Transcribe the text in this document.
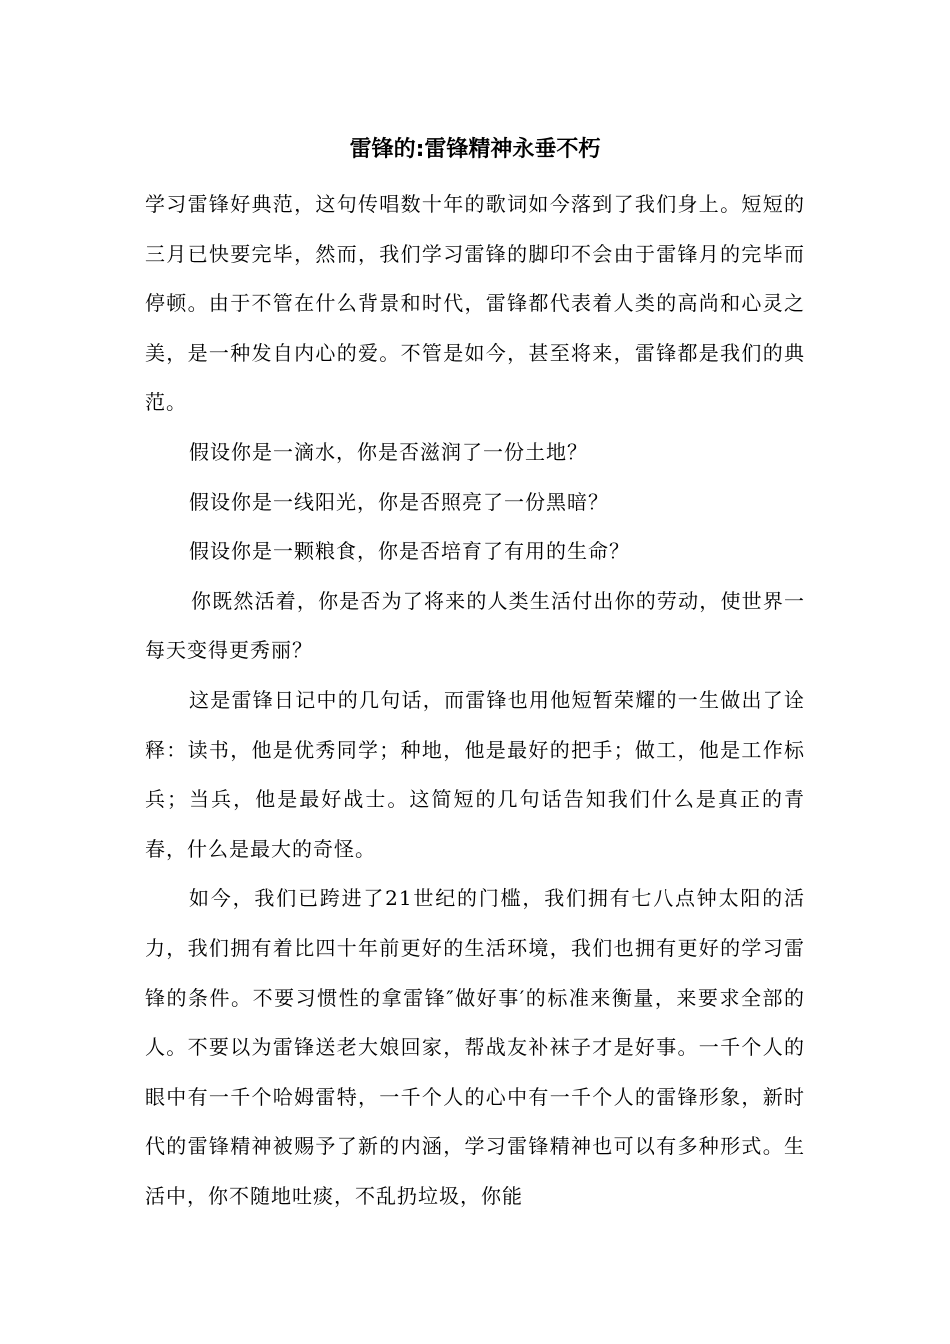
雷锋的:雷锋精神永垂不朽

学习雷锋好典范，这句传唱数十年的歌词如今落到了我们身上。短短的三月已快要完毕，然而，我们学习雷锋的脚印不会由于雷锋月的完毕而停顿。由于不管在什么背景和时代，雷锋都代表着人类的高尚和心灵之美，是一种发自内心的爱。不管是如今，甚至将来，雷锋都是我们的典范。

假设你是一滴水，你是否滋润了一份土地？

假设你是一线阳光，你是否照亮了一份黑暗？

假设你是一颗粮食，你是否培育了有用的生命？

你既然活着，你是否为了将来的人类生活付出你的劳动，使世界一每天变得更秀丽？

这是雷锋日记中的几句话，而雷锋也用他短暂荣耀的一生做出了诠释：读书，他是优秀同学；种地，他是最好的把手；做工，他是工作标兵；当兵，他是最好战士。这简短的几句话告知我们什么是真正的青春，什么是最大的奇怪。

如今，我们已跨进了21世纪的门槛，我们拥有七八点钟太阳的活力，我们拥有着比四十年前更好的生活环境，我们也拥有更好的学习雷锋的条件。不要习惯性的拿雷锋″做好事′的标准来衡量，来要求全部的人。不要以为雷锋送老大娘回家，帮战友补袜子才是好事。一千个人的眼中有一千个哈姆雷特，一千个人的心中有一千个人的雷锋形象，新时代的雷锋精神被赐予了新的内涵，学习雷锋精神也可以有多种形式。生活中，你不随地吐痰，不乱扔垃圾，你能
